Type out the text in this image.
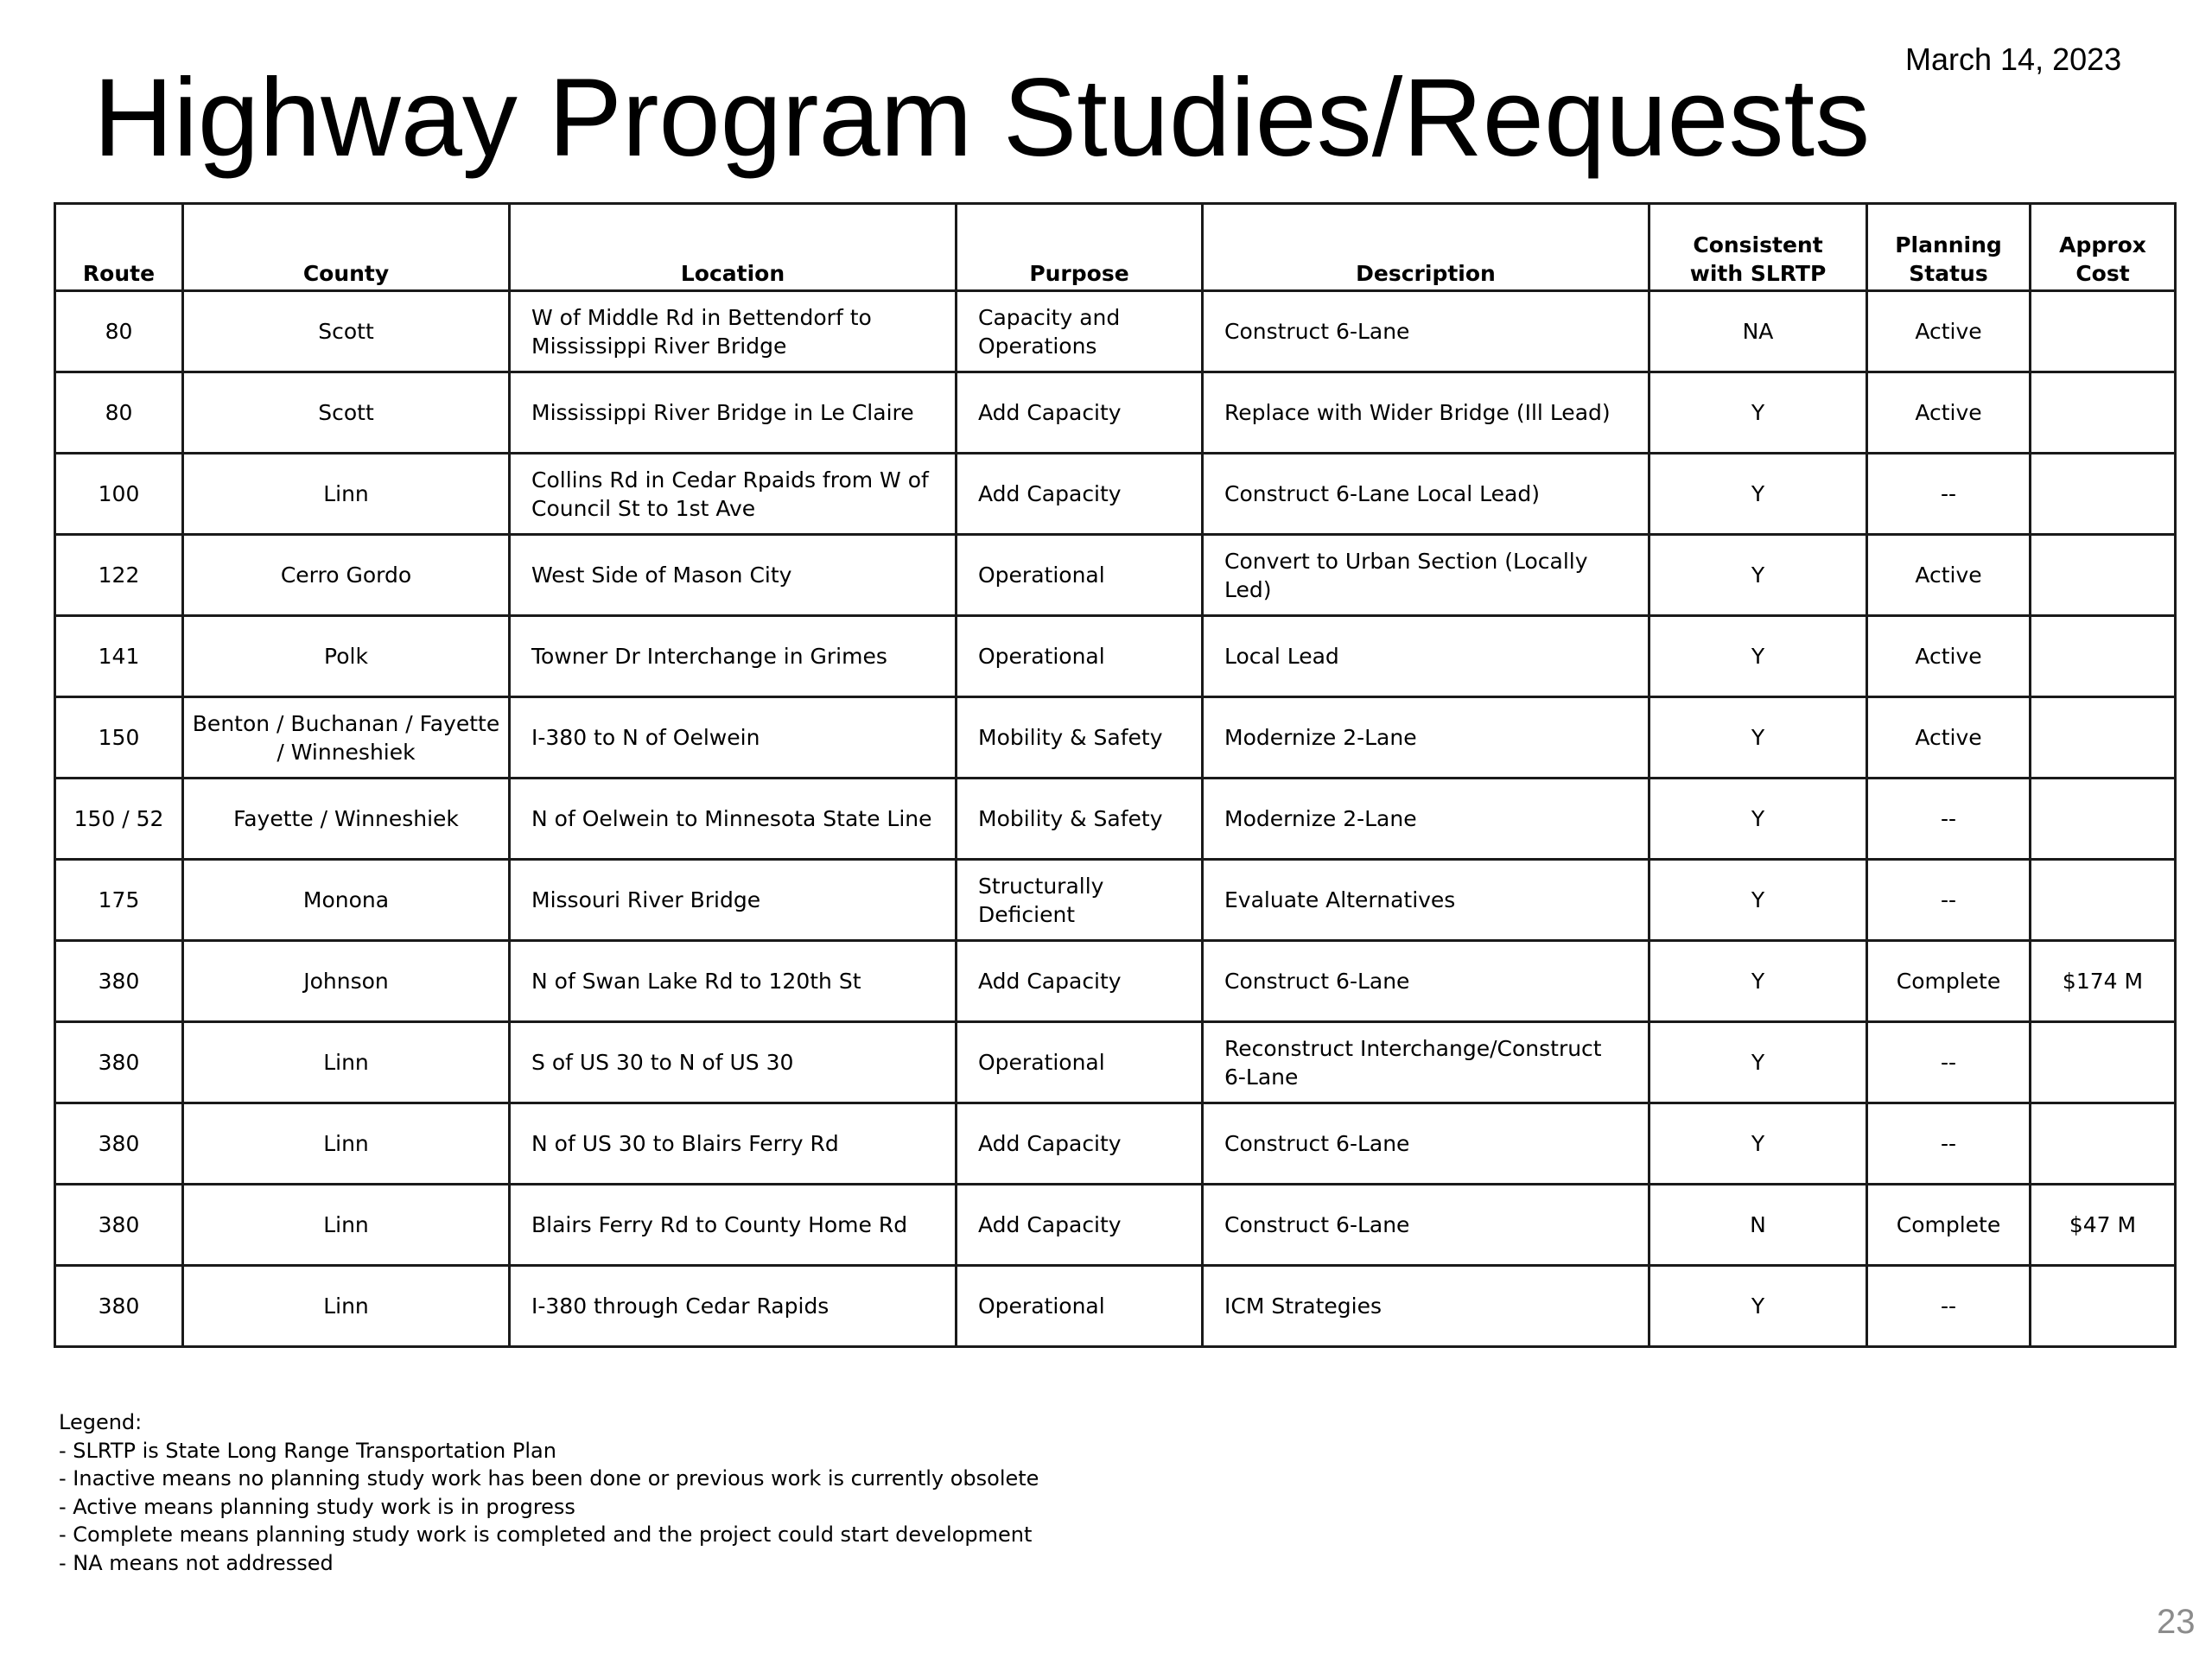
March 14, 2023
Highway Program Studies/Requests
Route	County	Location	Purpose	Description	Consistent with SLRTP	Planning Status	Approx Cost
80	Scott	W of Middle Rd in Bettendorf to Mississippi River Bridge	Capacity and Operations	Construct 6-Lane	NA	Active	
80	Scott	Mississippi River Bridge in Le Claire	Add Capacity	Replace with Wider Bridge (Ill Lead)	Y	Active	
100	Linn	Collins Rd in Cedar Rpaids from W of Council St to 1st Ave	Add Capacity	Construct 6-Lane Local Lead)	Y	--	
122	Cerro Gordo	West Side of Mason City	Operational	Convert to Urban Section (Locally Led)	Y	Active	
141	Polk	Towner Dr Interchange in Grimes	Operational	Local Lead	Y	Active	
150	Benton / Buchanan / Fayette / Winneshiek	I-380 to N of Oelwein	Mobility & Safety	Modernize 2-Lane	Y	Active	
150 / 52	Fayette / Winneshiek	N of Oelwein to Minnesota State Line	Mobility & Safety	Modernize 2-Lane	Y	--	
175	Monona	Missouri River Bridge	Structurally Deficient	Evaluate Alternatives	Y	--	
380	Johnson	N of Swan Lake Rd to 120th St	Add Capacity	Construct 6-Lane	Y	Complete	$174 M
380	Linn	S of US 30 to N of US 30	Operational	Reconstruct Interchange/Construct 6-Lane	Y	--	
380	Linn	N of US 30 to Blairs Ferry Rd	Add Capacity	Construct 6-Lane	Y	--	
380	Linn	Blairs Ferry Rd to County Home Rd	Add Capacity	Construct 6-Lane	N	Complete	$47 M
380	Linn	I-380 through Cedar Rapids	Operational	ICM Strategies	Y	--	
Legend:
- SLRTP is State Long Range Transportation Plan
- Inactive means no planning study work has been done or previous work is currently obsolete
- Active means planning study work is in progress
- Complete means planning study work is completed and the project could start development
- NA means not addressed
23
